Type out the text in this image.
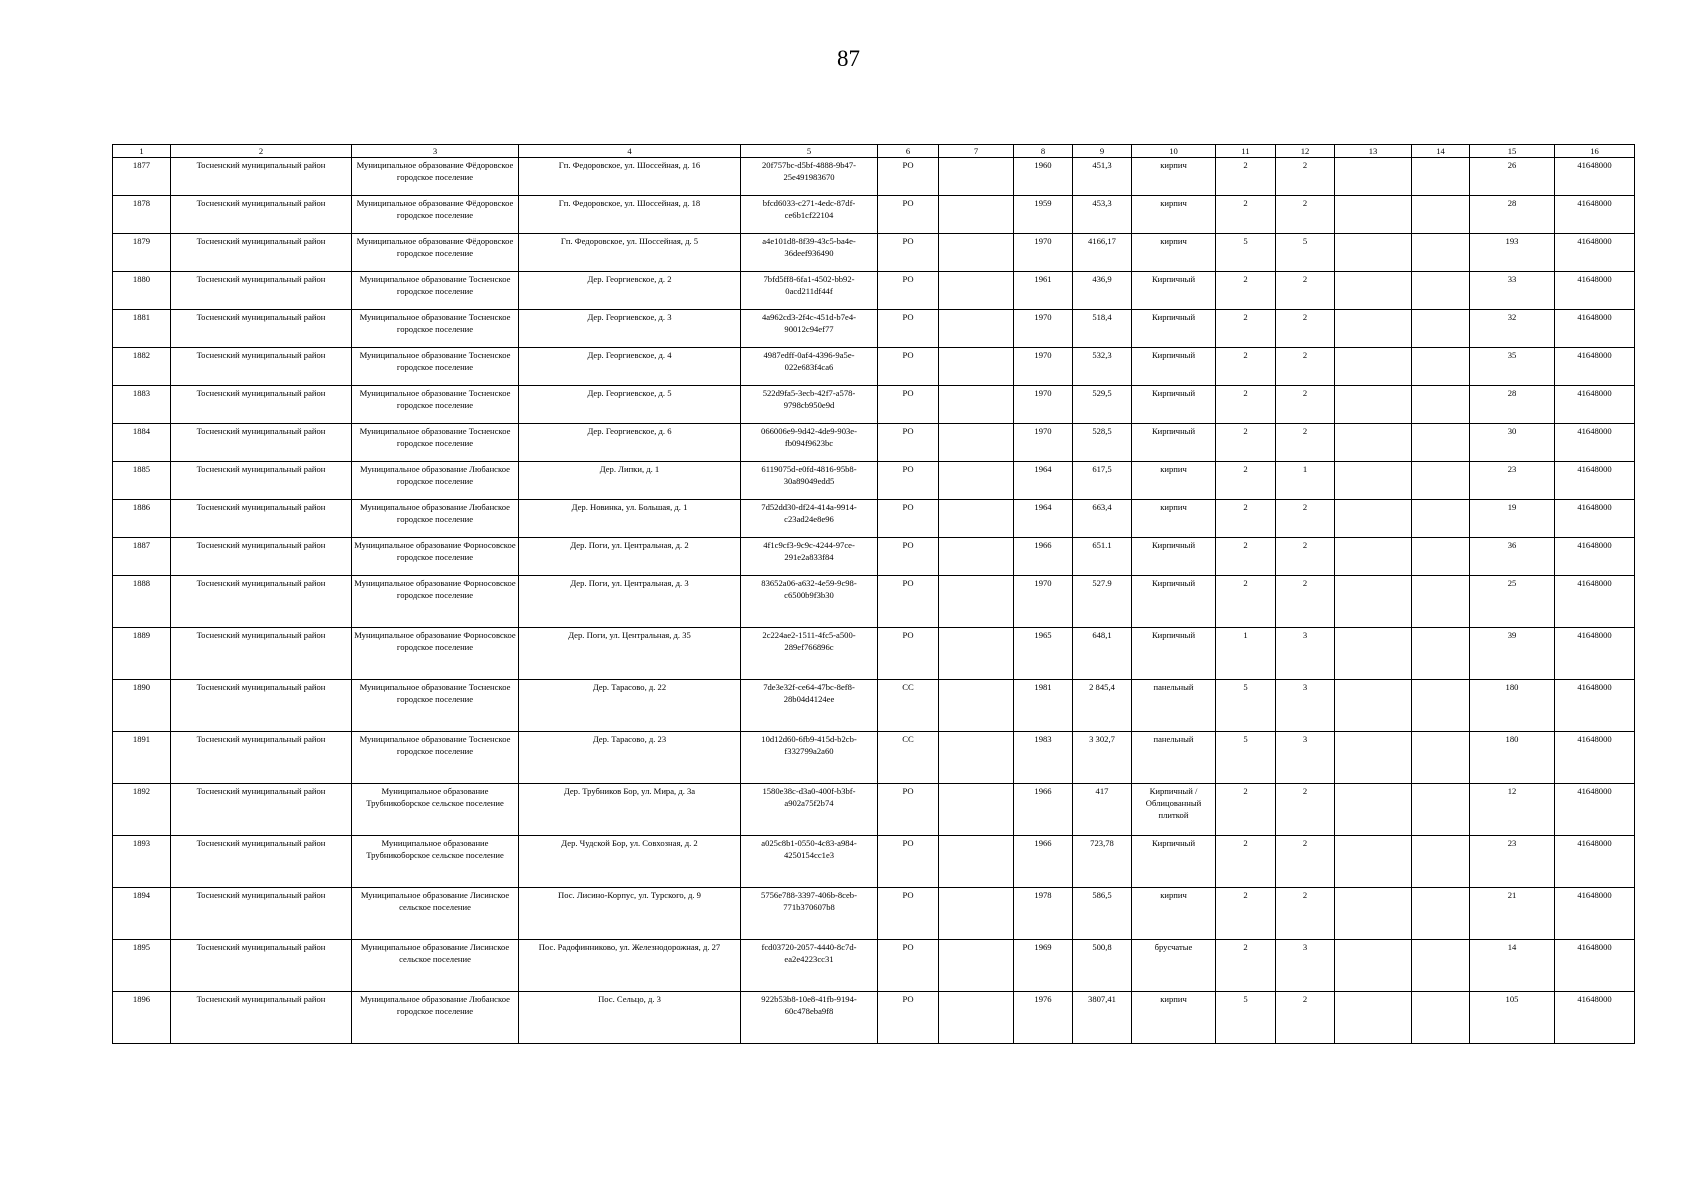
87
1	2	3	4	5	6	7	8	9	10	11	12	13	14	15	16
1877	Тосненский муниципальный район	Муниципальное образование Фёдоровское городское поселение	Гп. Федоровское, ул. Шоссейная, д. 16	20f757bc-d5bf-4888-9b47-25e491983670	РО		1960	451,3	кирпич	2	2			26	41648000
1878	Тосненский муниципальный район	Муниципальное образование Фёдоровское городское поселение	Гп. Федоровское, ул. Шоссейная, д. 18	bfcd6033-c271-4edc-87df-ce6b1cf22104	РО		1959	453,3	кирпич	2	2			28	41648000
1879	Тосненский муниципальный район	Муниципальное образование Фёдоровское городское поселение	Гп. Федоровское, ул. Шоссейная, д. 5	a4e101d8-8f39-43c5-ba4e-36deef936490	РО		1970	4166,17	кирпич	5	5			193	41648000
1880	Тосненский муниципальный район	Муниципальное образование Тосненское городское поселение	Дер. Георгиевское, д. 2	7bfd5ff8-6fa1-4502-bb92-0acd211df44f	РО		1961	436,9	Кирпичный	2	2			33	41648000
1881	Тосненский муниципальный район	Муниципальное образование Тосненское городское поселение	Дер. Георгиевское, д. 3	4a962cd3-2f4c-451d-b7e4-90012c94ef77	РО		1970	518,4	Кирпичный	2	2			32	41648000
1882	Тосненский муниципальный район	Муниципальное образование Тосненское городское поселение	Дер. Георгиевское, д. 4	4987edff-0af4-4396-9a5e-022e683f4ca6	РО		1970	532,3	Кирпичный	2	2			35	41648000
1883	Тосненский муниципальный район	Муниципальное образование Тосненское городское поселение	Дер. Георгиевское, д. 5	522d9fa5-3ecb-42f7-a578-9798cb950e9d	РО		1970	529,5	Кирпичный	2	2			28	41648000
1884	Тосненский муниципальный район	Муниципальное образование Тосненское городское поселение	Дер. Георгиевское, д. 6	066006e9-9d42-4de9-903e-fb094f9623bc	РО		1970	528,5	Кирпичный	2	2			30	41648000
1885	Тосненский муниципальный район	Муниципальное образование Любанское городское поселение	Дер. Липки, д. 1	6119075d-e0fd-4816-95b8-30a89049edd5	РО		1964	617,5	кирпич	2	1			23	41648000
1886	Тосненский муниципальный район	Муниципальное образование Любанское городское поселение	Дер. Новинка, ул. Большая, д. 1	7d52dd30-df24-414a-9914-c23ad24e8e96	РО		1964	663,4	кирпич	2	2			19	41648000
1887	Тосненский муниципальный район	Муниципальное образование Форносовское городское поселение	Дер. Поги, ул. Центральная, д. 2	4f1c9cf3-9c9c-4244-97ce-291e2a833f84	РО		1966	651.1	Кирпичный	2	2			36	41648000
1888	Тосненский муниципальный район	Муниципальное образование Форносовское городское поселение	Дер. Поги, ул. Центральная, д. 3	83652a06-a632-4e59-9c98-c6500b9f3b30	РО		1970	527.9	Кирпичный	2	2			25	41648000
1889	Тосненский муниципальный район	Муниципальное образование Форносовское городское поселение	Дер. Поги, ул. Центральная, д. 35	2c224ae2-1511-4fc5-a500-289ef766896c	РО		1965	648,1	Кирпичный	1	3			39	41648000
1890	Тосненский муниципальный район	Муниципальное образование Тосненское городское поселение	Дер. Тарасово, д. 22	7de3e32f-ce64-47bc-8ef8-28b04d4124ee	СС		1981	2 845,4	панельный	5	3			180	41648000
1891	Тосненский муниципальный район	Муниципальное образование Тосненское городское поселение	Дер. Тарасово, д. 23	10d12d60-6fb9-415d-b2cb-f332799a2a60	СС		1983	3 302,7	панельный	5	3			180	41648000
1892	Тосненский муниципальный район	Муниципальное образование Трубникоборское сельское поселение	Дер. Трубников Бор, ул. Мира, д. 3а	1580e38c-d3a0-400f-b3bf-a902a75f2b74	РО		1966	417	Кирпичный / Облицованный плиткой	2	2			12	41648000
1893	Тосненский муниципальный район	Муниципальное образование Трубникоборское сельское поселение	Дер. Чудской Бор, ул. Совхозная, д. 2	a025c8b1-0550-4c83-a984-4250154cc1e3	РО		1966	723,78	Кирпичный	2	2			23	41648000
1894	Тосненский муниципальный район	Муниципальное образование Лисинское сельское поселение	Пос. Лисино-Корпус, ул. Турского, д. 9	5756e788-3397-406b-8ceb-771b370607b8	РО		1978	586,5	кирпич	2	2			21	41648000
1895	Тосненский муниципальный район	Муниципальное образование Лисинское сельское поселение	Пос. Радофинниково, ул. Железнодорожная, д. 27	fcd03720-2057-4440-8c7d-ea2e4223cc31	РО		1969	500,8	брусчатые	2	3			14	41648000
1896	Тосненский муниципальный район	Муниципальное образование Любанское городское поселение	Пос. Сельцо, д. 3	922b53b8-10e8-41fb-9194-60c478eba9f8	РО		1976	3807,41	кирпич	5	2			105	41648000
